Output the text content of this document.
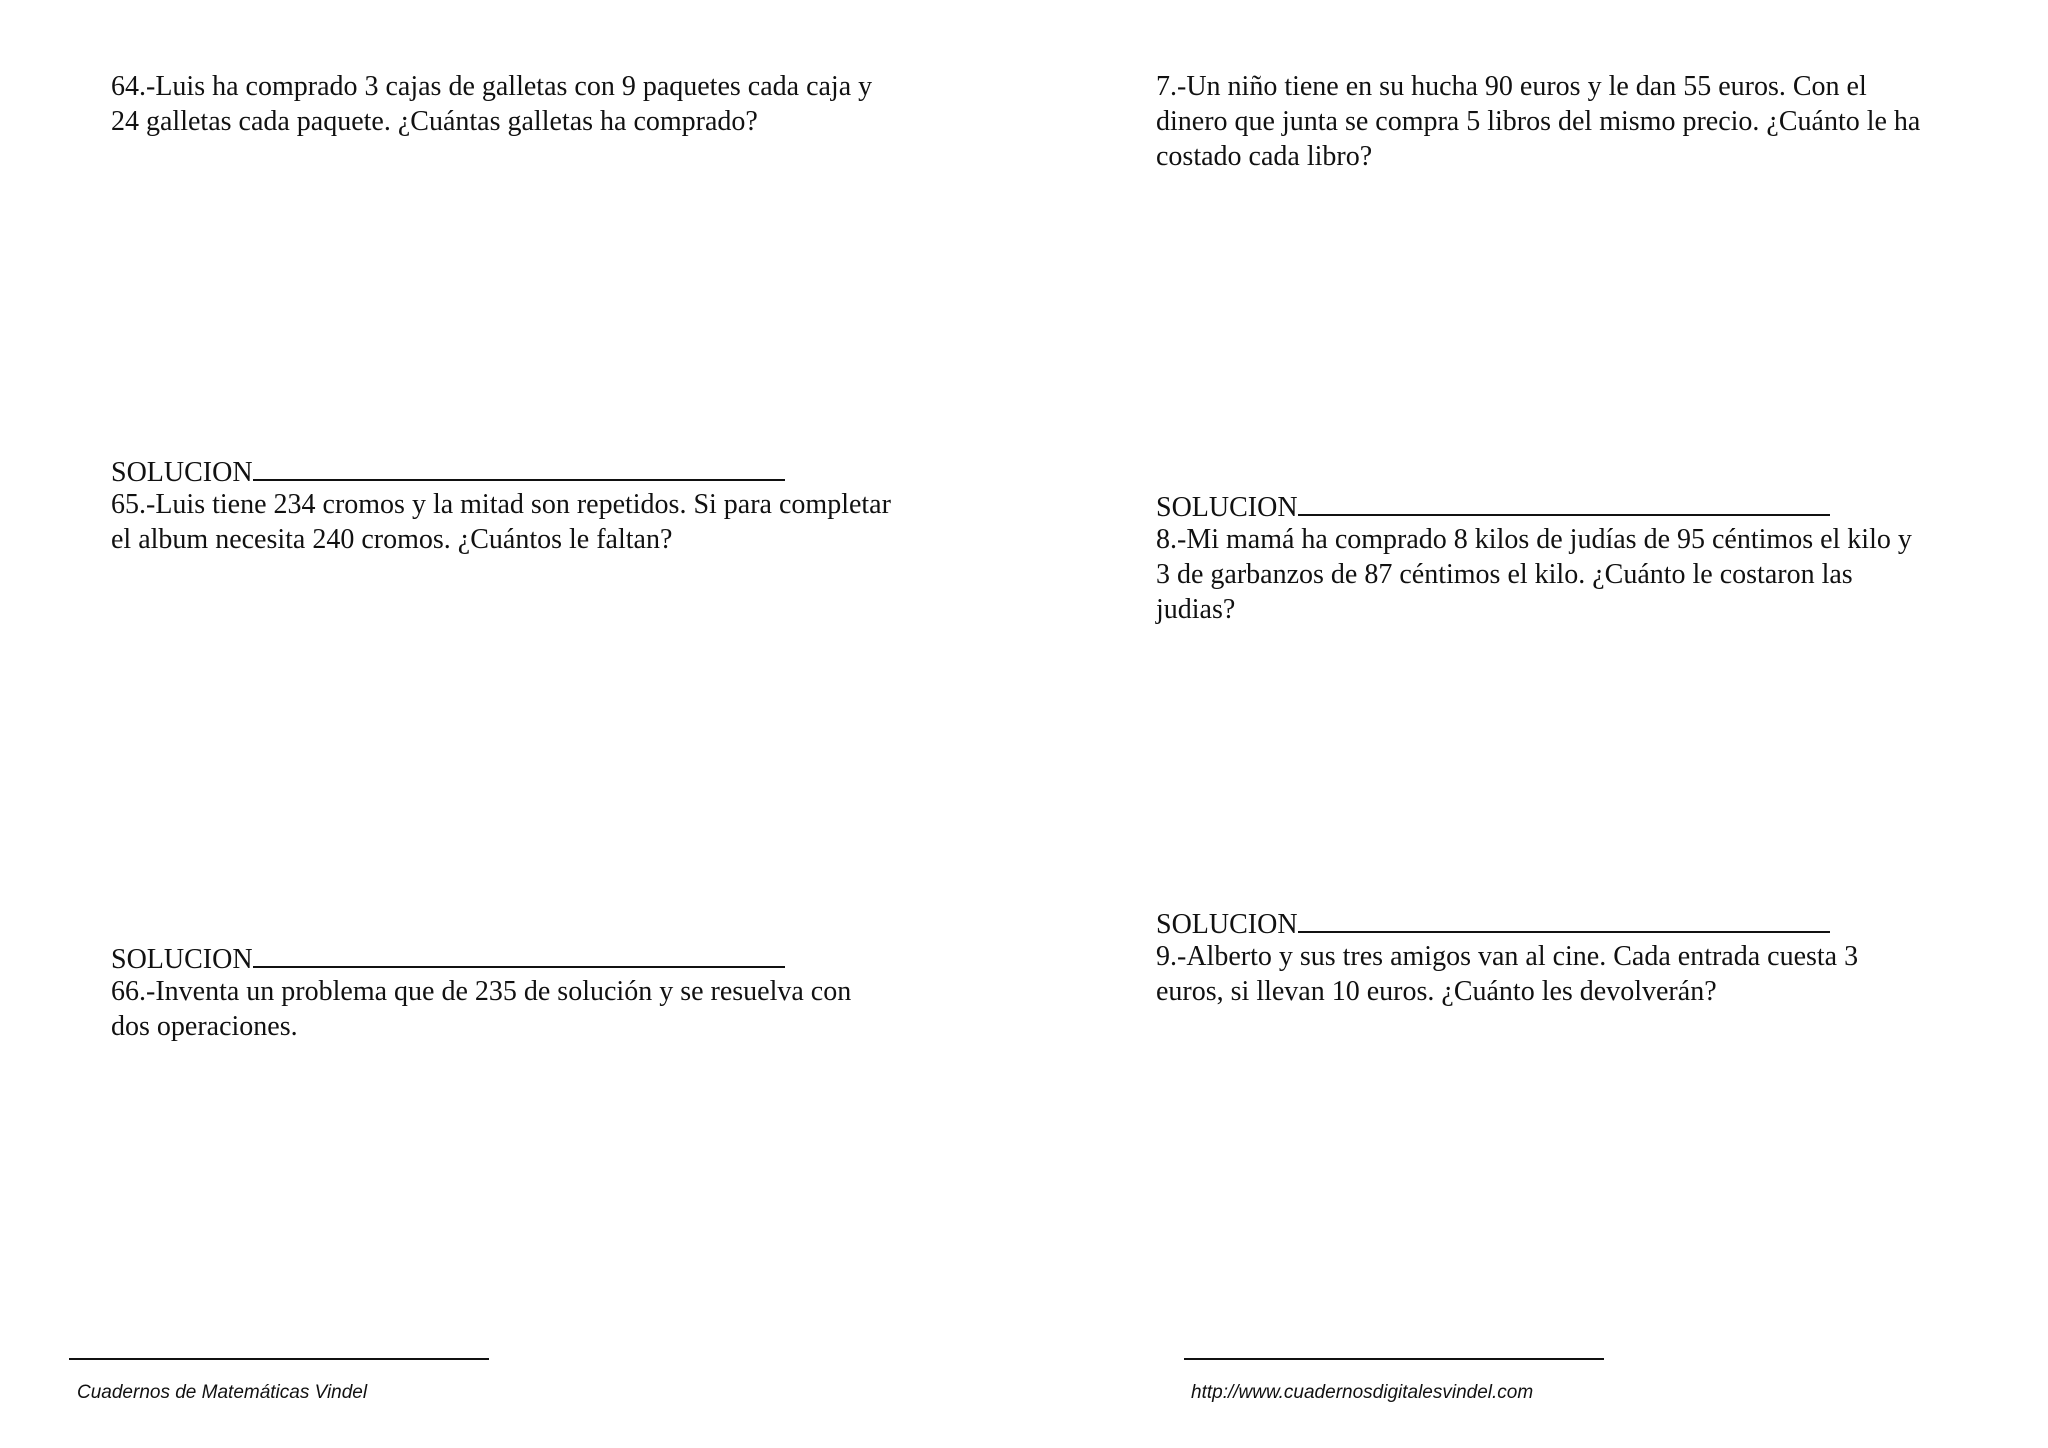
64.-Luis ha comprado 3 cajas de galletas con 9 paquetes cada caja y
24 galletas cada paquete. ¿Cuántas galletas ha comprado?
SOLUCION
65.-Luis tiene 234 cromos y la mitad son repetidos. Si para completar
el album necesita 240 cromos. ¿Cuántos le faltan?
SOLUCION
66.-Inventa un problema que de 235 de solución y se resuelva con
dos operaciones.
7.-Un niño tiene en su hucha 90 euros y le dan 55 euros. Con el
dinero que junta se compra 5 libros del mismo precio. ¿Cuánto le ha
costado cada libro?
SOLUCION
8.-Mi mamá ha comprado 8 kilos de judías de 95 céntimos el kilo y
3 de garbanzos de 87 céntimos el kilo. ¿Cuánto le costaron las
judias?
SOLUCION
9.-Alberto y sus tres amigos van al cine. Cada entrada cuesta 3
euros, si llevan 10 euros. ¿Cuánto les devolverán?
Cuadernos de Matemáticas Vindel	http://www.cuadernosdigitalesvindel.com
